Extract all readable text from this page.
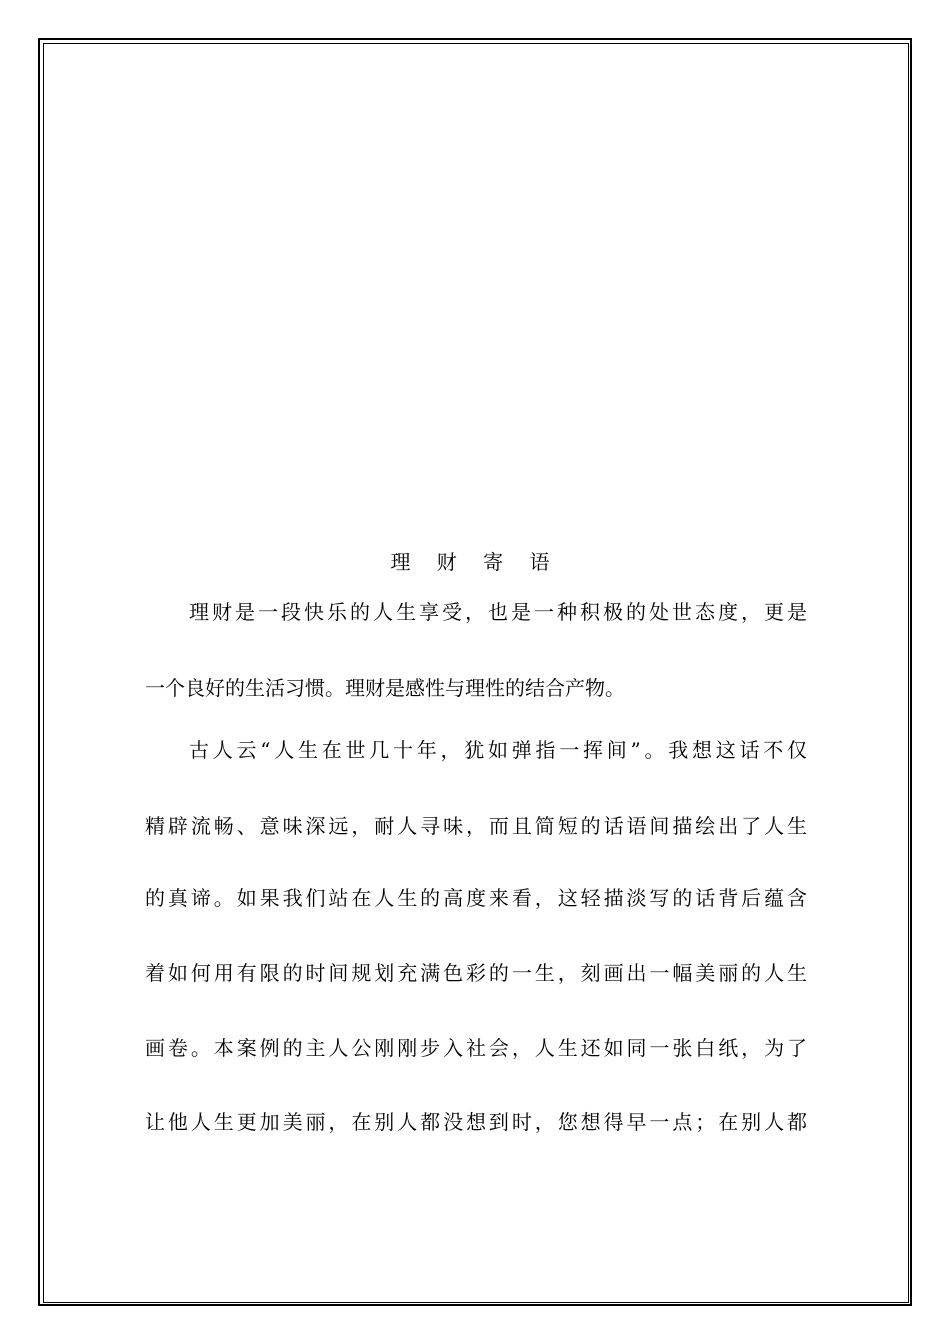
理 财 寄 语
理财是一段快乐的人生享受，也是一种积极的处世态度，更是
一个良好的生活习惯。理财是感性与理性的结合产物。
古人云“人生在世几十年，犹如弹指一挥间”。我想这话不仅
精辟流畅、意味深远，耐人寻味，而且简短的话语间描绘出了人生
的真谛。如果我们站在人生的高度来看，这轻描淡写的话背后蕴含
着如何用有限的时间规划充满色彩的一生，刻画出一幅美丽的人生
画卷。本案例的主人公刚刚步入社会，人生还如同一张白纸，为了
让他人生更加美丽，在别人都没想到时，您想得早一点；在别人都
